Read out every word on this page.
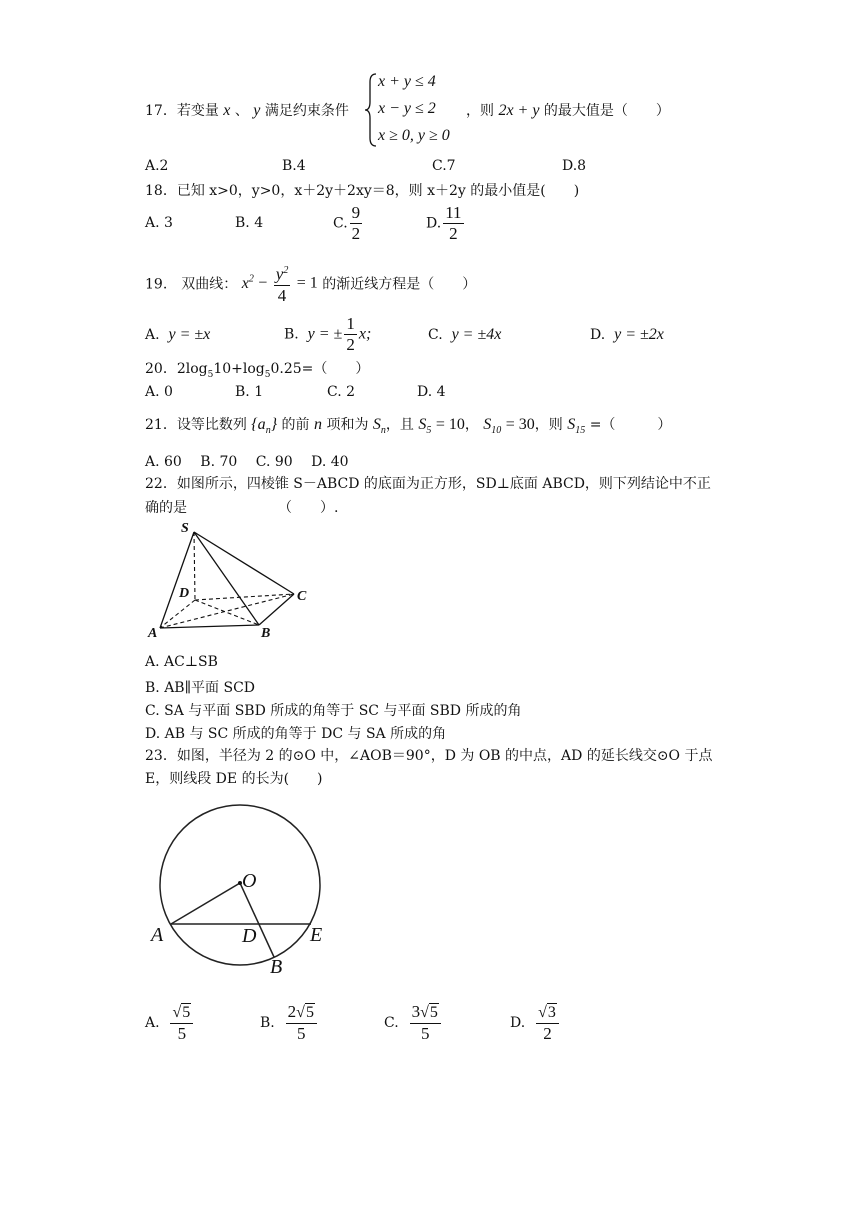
17．若变量 x 、 y 满足约束条件
x + y ≤ 4
x − y ≤ 2
x ≥ 0, y ≥ 0
，则 2x + y 的最大值是（　　）
A.2	B.4	C.7	D.8
18．已知 x>0，y>0，x＋2y＋2xy＝8，则 x＋2y 的最小值是(　　)
A. 3	B. 4	C. $\frac{9}{2}$	D. $\frac{11}{2}$
19.　双曲线： $x^2 - \frac{y^2}{4} = 1$ 的渐近线方程是（　　）
A. y = ±x	B. y = ± $\frac{1}{2} x$;	C. y = ±4x	D. y = ±2x
20．$2\log_510+\log_50.25=$（　　）
A. 0	B. 1	C. 2	D. 4
21．设等比数列 $\{a_n\}$ 的前 n 项和为 $S_n$，且 $S_5 = 10$， $S_{10} = 30$，则 $S_{15}$ =（　　　）
A. 60　 B. 70　 C. 90　 D. 40
22．如图所示，四棱锥 S－ABCD 的底面为正方形，SD⊥底面 ABCD，则下列结论中不正
确的是　　　　　　　（　　）.
S
D	C
A	B
A. AC⊥SB
B. AB∥平面 SCD
C. SA 与平面 SBD 所成的角等于 SC 与平面 SBD 所成的角
D. AB 与 SC 所成的角等于 DC 与 SA 所成的角
23．如图，半径为 2 的⊙O 中，∠AOB＝90°，D 为 OB 的中点，AD 的延长线交⊙O 于点
E，则线段 DE 的长为(　　)
O
A	D	E
B
A. $\frac{√5}{5}$	B. $\frac{2√5}{5}$	C. $\frac{3√5}{5}$	D. $\frac{√3}{2}$
